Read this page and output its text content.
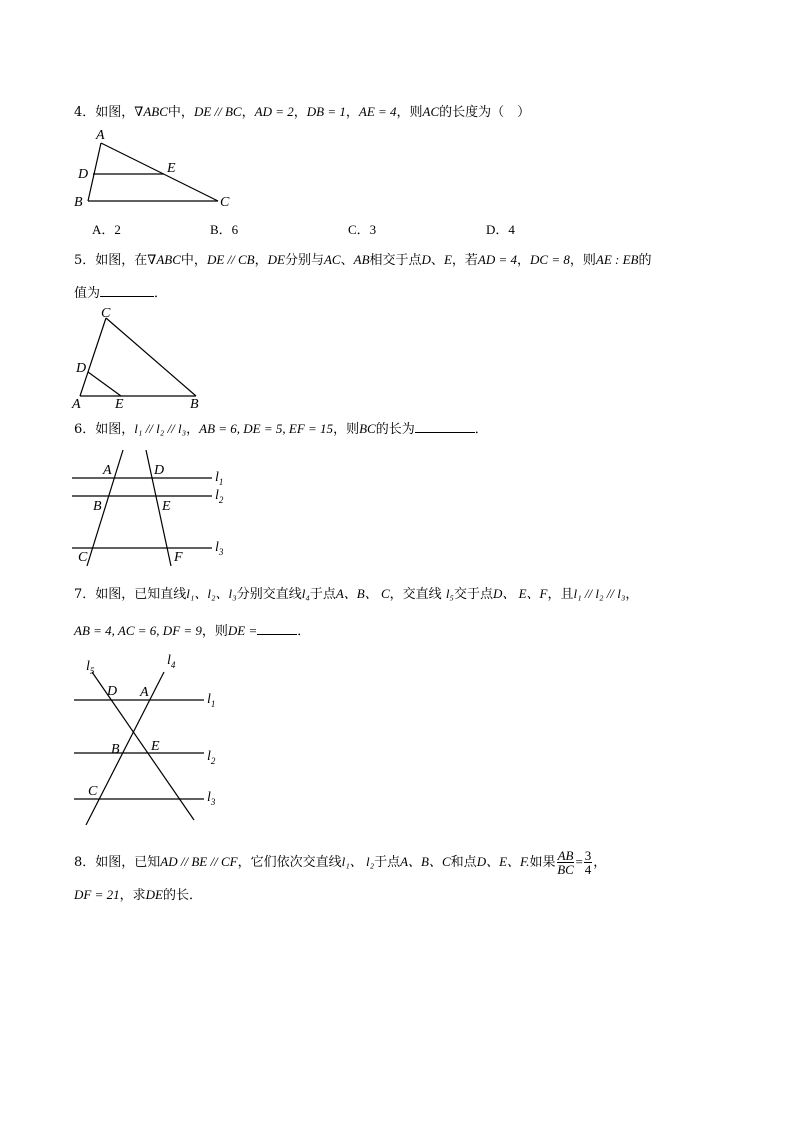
4．如图，∇ABC中，DE // BC，AD = 2，DB = 1，AE = 4，则AC的长度为（　）
A
D	E
B	C
A．2	B．6	C．3	D．4
5．如图，在∇ABC中，DE // CB，DE分别与AC、AB相交于点D、E，若AD = 4，DC = 8，则AE : EB的
值为	．
C
D
A E	B
6．如图，l₁ // l₂ // l₃，AB = 6, DE = 5, EF = 15，则BC的长为	．
A	D
B	E
C	F
$l_1$
$l_2$
$l_3$
7．如图，已知直线l₁、l₂、l₃分别交直线l₄于点A、B、 C，交直线 l₅交于点D、 E、F，且l₁ // l₂ // l₃，
AB = 4, AC = 6, DF = 9，则DE =	．
$l_5$
$l_4$
D A
B E
C
$l_1$
$l_2$
$l_3$
8．如图，已知AD // BE // CF，它们依次交直线l₁、 l₂于点A、B、C和点D、E、F.如果 $\frac{AB}{BC} = \frac{3}{4}$ ，
DF = 21，求DE的长．
